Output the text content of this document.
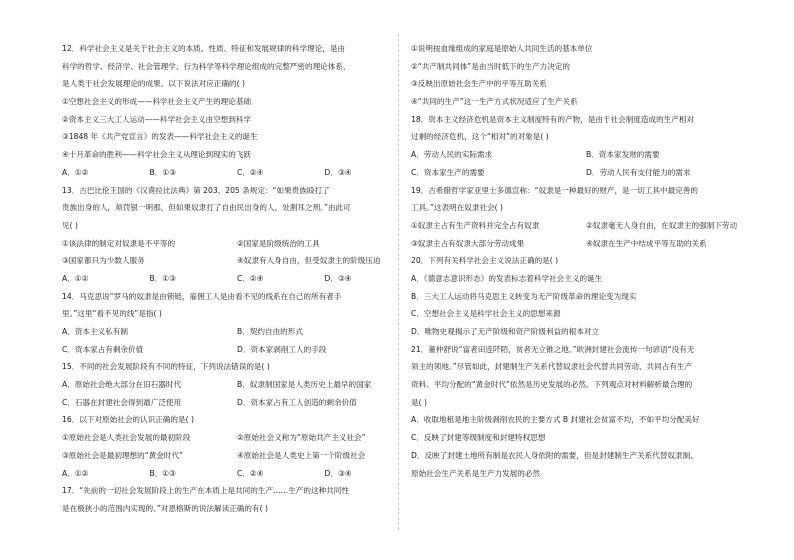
12．科学社会主义是关于社会主义的本质、性质、特征和发展规律的科学理论，是由
科学的哲学、经济学、社会管理学、行为科学等科学理论组成的完整严密的理论体系，
是人类于社会发展理论的成果。以下说法对应正确的( )
①空想社会主义的形成——科学社会主义产生的理论基础
②资本主义三大工人运动——科学社会主义由空想到科学
③1848 年《共产党宣言》的发表——科学社会主义的诞生
④十月革命的胜利——科学社会主义从理论到现实的飞跃
A．①②	B．①③	C．②④	D．③④
13．古巴比伦王国的《汉谟拉比法典》第 203、205 条规定：“如果贵族殴打了
贵族出身的人，须罚银一明那，但如果奴隶打了自由民出身的人，处割耳之刑。”由此可
见( )
①该法律的制定对奴隶是不平等的	②国家是阶级统治的工具
③国家都只为少数人服务	④奴隶有人身自由，但受奴隶主的阶级压迫
A．①②	B．①③	C．②④	D．③④
14．马克思说“罗马的奴隶是由锁链，雇佣工人是由看不见的线系在自己的所有者手
里。”这里“看不见的线”是指( )
A．资本主义私有制	B．契约自由的形式
C．资本家占有剩余价值	D．资本家剥削工人的手段
15．不同的社会发展阶段有不同的特征，下列说法错误的是( )
A．原始社会绝大部分在旧石器时代	B．奴隶制国家是人类历史上最早的国家
C．石器在封建社会得到最广泛使用	D．资本家占有工人创造的剩余价值
16．以下对原始社会的认识正确的是( )
①原始社会是人类社会发展的最初阶段	②原始社会又称为“原始共产主义社会”
③原始社会是最初理想的“黄金时代”	④原始社会是人类史上第一个阶级社会
A．①②	B．①③	C．②④	D．③④
17．“先前的一切社会发展阶段上的生产在本质上是共同的生产……生产的这种共同性
是在极狭小的范围内实现的。”对恩格斯的说法解读正确的有( )
①说明按血缘组成的家庭是原始人共同生活的基本单位
②“共产制共同体”是由当时低下的生产力决定的
③反映出原始社会生产中的平等互助关系
④“共同的生产”这一生产方式状况适应了生产关系
18．资本主义经济危机是资本主义制度特有的产物，是由于社会制度造成的生产相对
过剩的经济危机，这个“相对”的对象是( )
A．劳动人民的实际需求	B．资本家发财的需要
C．资本家生产的需要	D．劳动人民有支付能力的需求
19．古希腊哲学家亚里士多德宣称：“奴隶是一种最好的财产，是一切工具中最完善的
工具。”这表明在奴隶社会( )
①奴隶主占有生产资料并完全占有奴隶	②奴隶毫无人身自由，在奴隶主的强制下劳动
③奴隶主占有奴隶大部分劳动成果	④奴隶在生产中结成平等互助的关系
20．下列有关科学社会主义说法正确的是( )
A．《德意志意识形态》的发表标志着科学社会主义的诞生
B．三大工人运动将马克思主义转变为无产阶级革命的理论变为现实
C．空想社会主义是科学社会主义的思想来源
D．唯物史观揭示了无产阶级和资产阶级利益的根本对立
21．董仲舒说“富者田连阡陌，贫者无立锥之地。”欧洲封建社会流传一句谚语“没有无
领主的领地。”尽管如此，封建制生产关系代替奴隶社会代替共同劳动、共同占有生产
资料、平均分配的“黄金时代”依然是历史发展的必然。下列观点对材料解析最合理的
是( )
A．收取地租是地主阶级剥削农民的主要方式 B 封建社会贫富不均，不如平均分配美好
C．反映了封建等级制度和封建特权思想
D．反映了封建土地所有制是农民人身依附的需要，但是封建制生产关系代替奴隶制、
原始社会生产关系是生产力发展的必然
